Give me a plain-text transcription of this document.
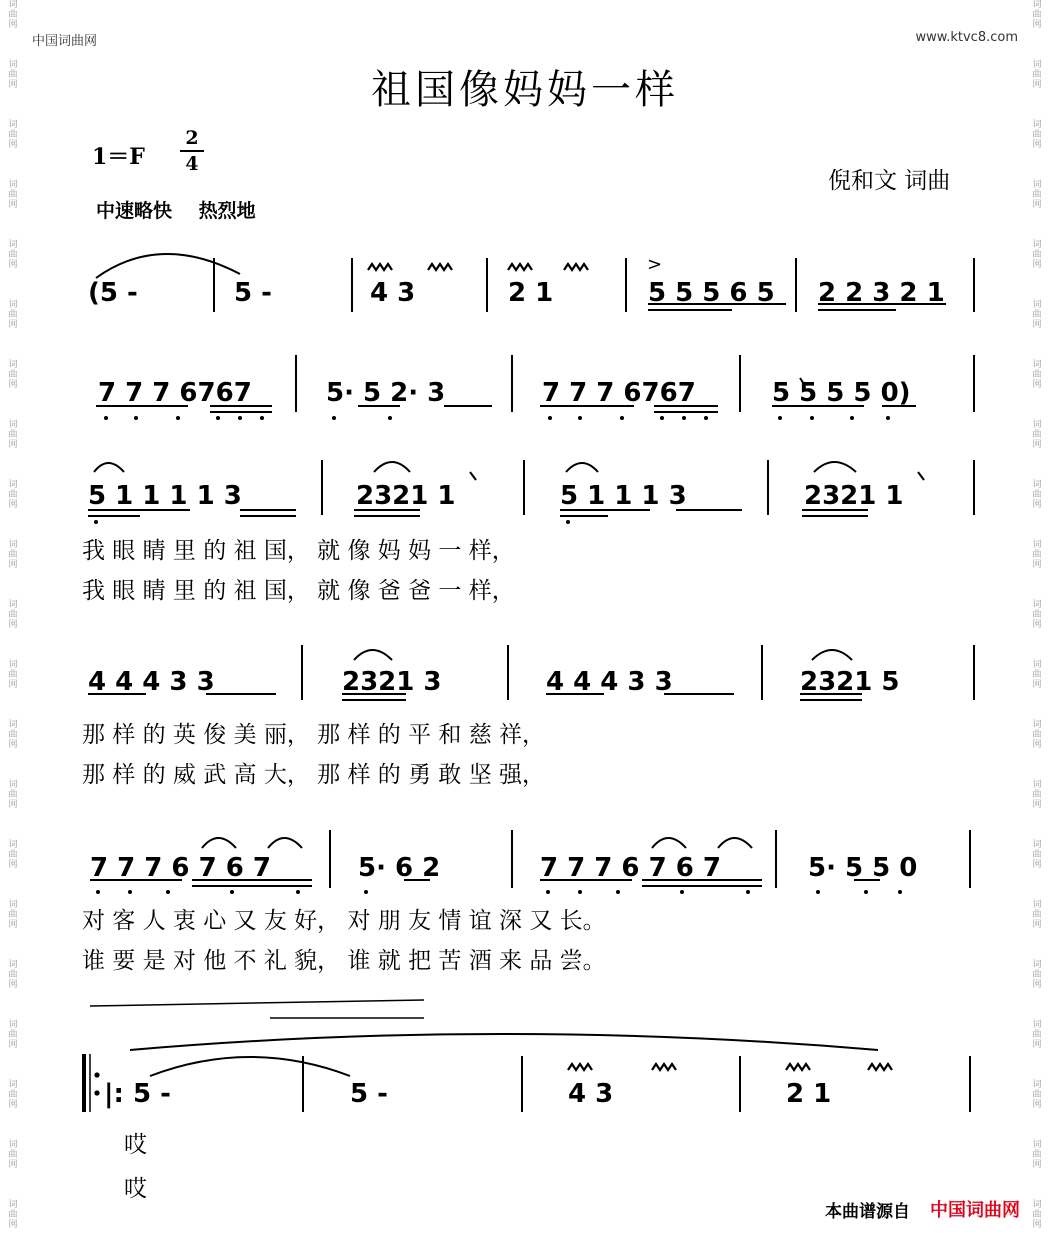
词
曲
网
词
曲
网
词
曲
网
词
曲
网
词
曲
网
词
曲
网
词
曲
网
词
曲
网
词
曲
网
词
曲
网
词
曲
网
词
曲
网
词
曲
网
词
曲
网
词
曲
网
词
曲
网
词
曲
网
词
曲
网
词
曲
网
词
曲
网
词
曲
网
词
曲
网
词
曲
网
词
曲
网
词
曲
网
词
曲
网
词
曲
网
词
曲
网
词
曲
网
词
曲
网
词
曲
网
词
曲
网
词
曲
网
词
曲
网
词
曲
网
词
曲
网
词
曲
网
词
曲
网
词
曲
网
词
曲
网
词
曲
网
词
曲
网
中国词曲网	www.ktvc8.com
祖国像妈妈一样
1＝F
2
4
中速略快 热烈地
倪和文 词曲
>
(5 -	5 -	4 3	2 1	5 5 5 6 5 2 2 3 2 1
7 7 7 6767	5· 5 2· 3	7 7 7 6767	5 5 5 5 0)
5 1 1 1 1 3	2321 1	5 1 1 1 3	2321 1
4 4 4 3 3	2321 3	4 4 4 3 3	2321 5
7 7 7 6 7 6 7	5· 6 2	7 7 7 6 7 6 7	5· 5 5 0
|: 5 -	5 -	4 3	2 1
我 眼 睛 里 的 祖 国， 就 像 妈 妈 一 样，
我 眼 睛 里 的 祖 国， 就 像 爸 爸 一 样，
那 样 的 英 俊 美 丽， 那 样 的 平 和 慈 祥，
那 样 的 威 武 高 大， 那 样 的 勇 敢 坚 强，
对 客 人 衷 心 又 友 好， 对 朋 友 情 谊 深 又 长。
谁 要 是 对 他 不 礼 貌， 谁 就 把 苦 酒 来 品 尝。
哎
哎
本曲谱源自 中国词曲网
